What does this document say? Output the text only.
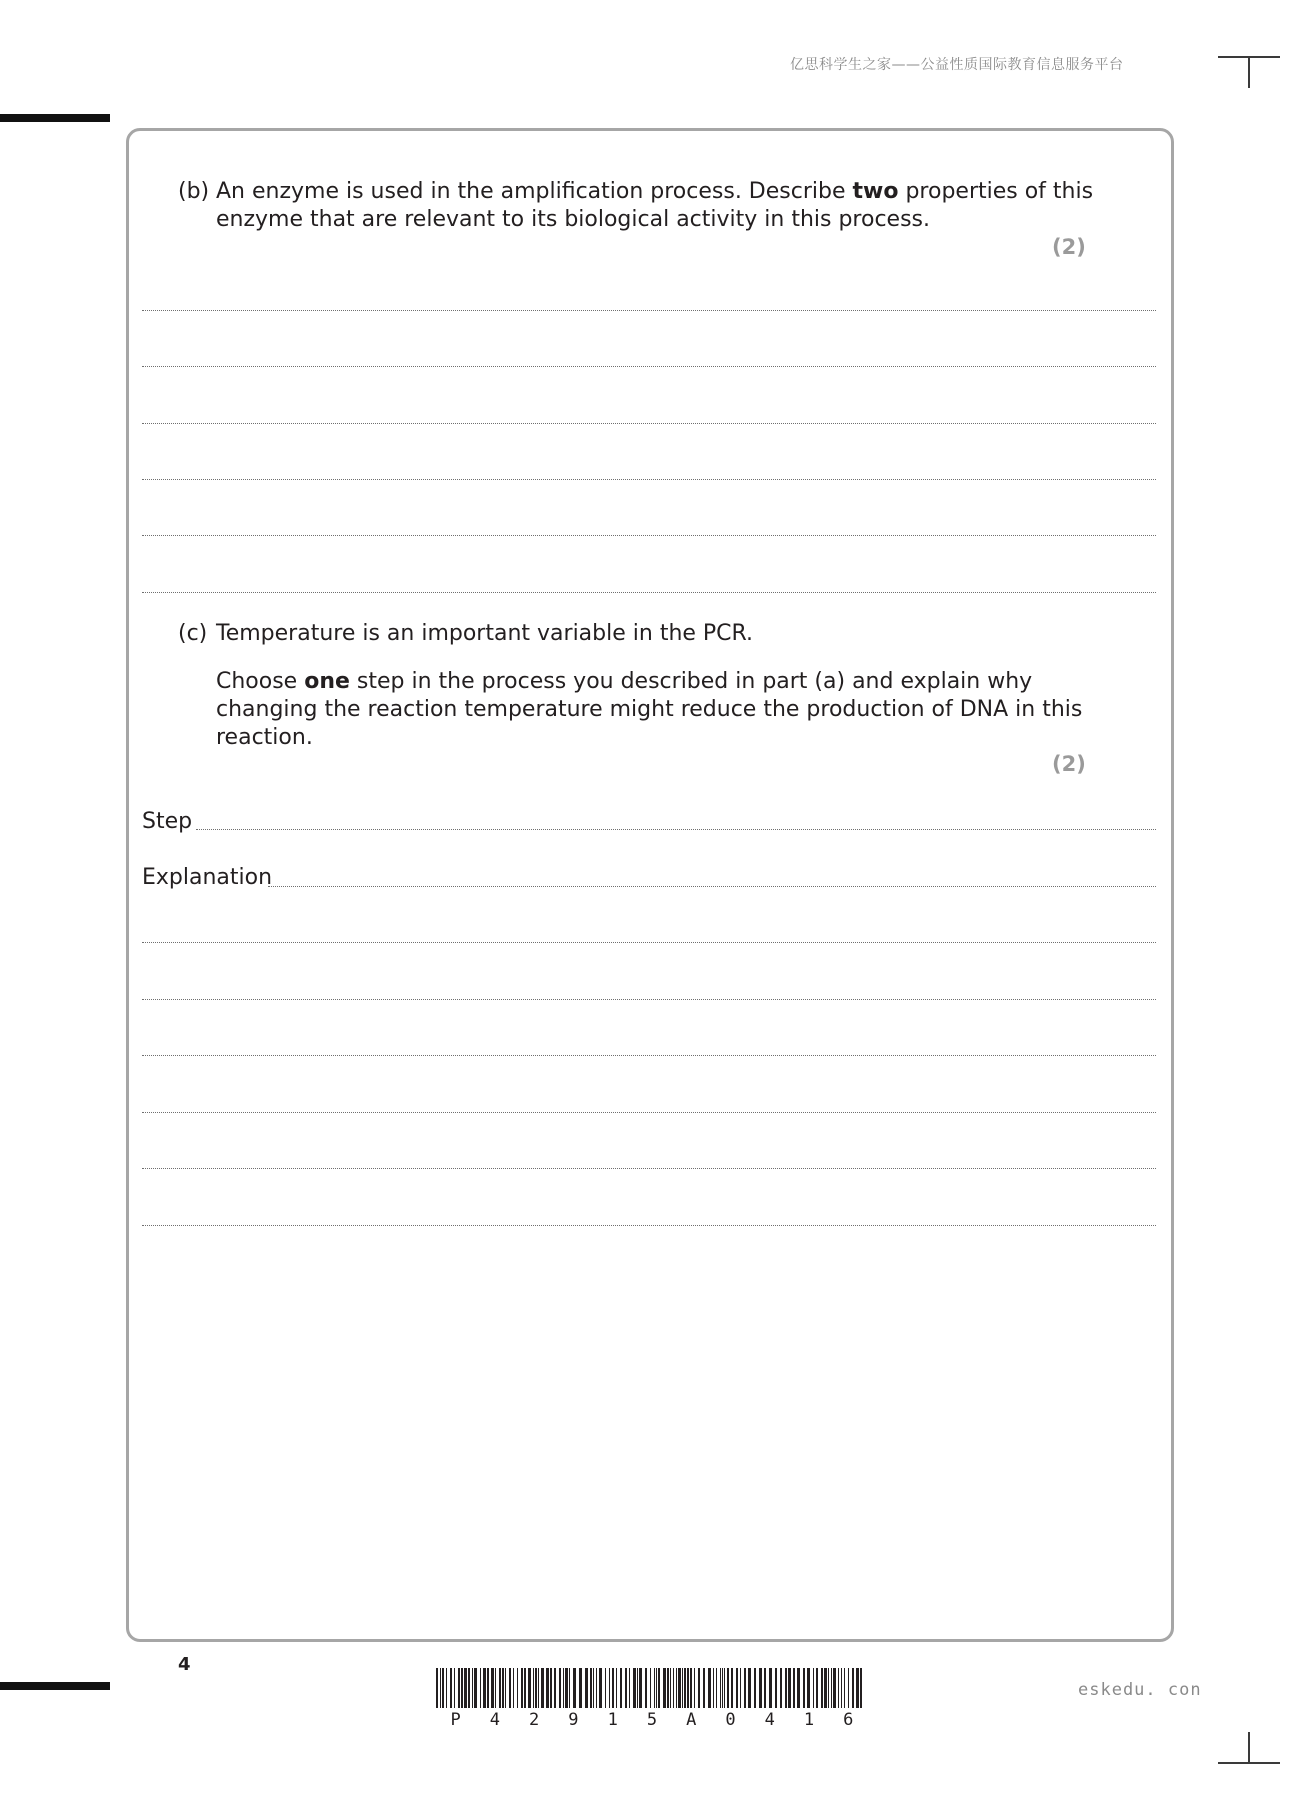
亿思科学生之家——公益性质国际教育信息服务平台
(b) An enzyme is used in the amplification process. Describe two properties of this
enzyme that are relevant to its biological activity in this process.
(2)
(c) Temperature is an important variable in the PCR.
Choose one step in the process you described in part (a) and explain why
changing the reaction temperature might reduce the production of DNA in this
reaction.
(2)
Step
Explanation
4
P 4 2 9 1 5 A 0 4 1 6
eskedu. con
